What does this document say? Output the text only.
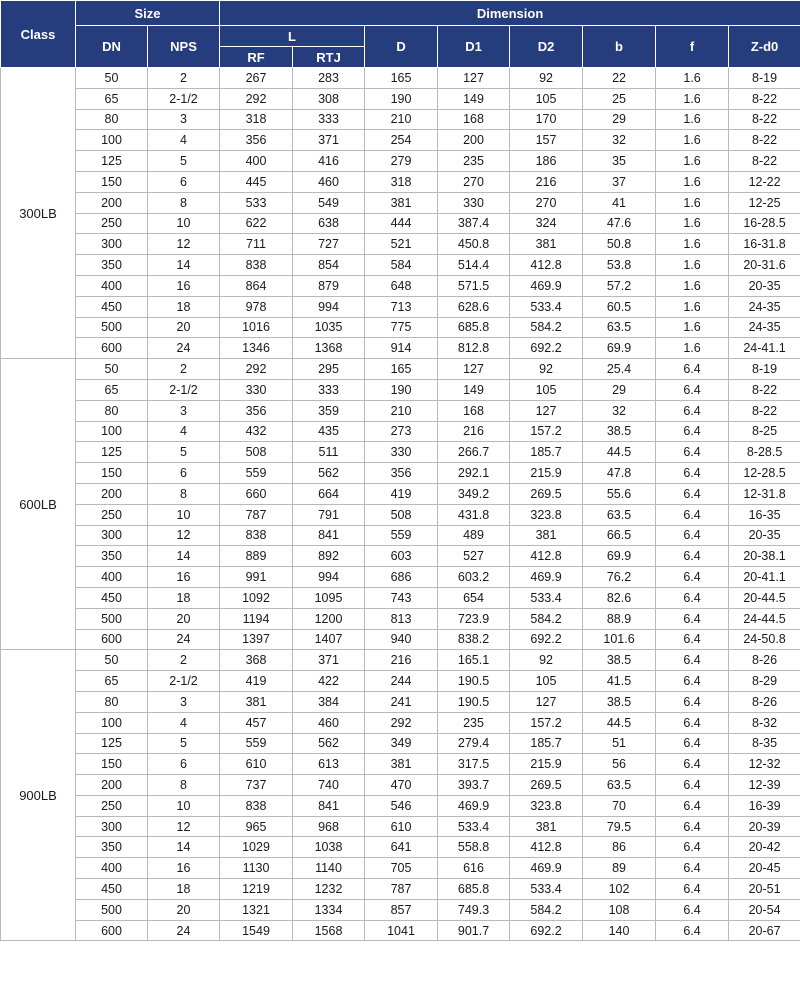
Class	Size		Dimension							
	DN	NPS	L		D	D1	D2	b	f	Z-d0
			RF	RTJ						
300LB	50	2	267	283	165	127	92	22	1.6	8-19
	65	2-1/2	292	308	190	149	105	25	1.6	8-22
	80	3	318	333	210	168	170	29	1.6	8-22
	100	4	356	371	254	200	157	32	1.6	8-22
	125	5	400	416	279	235	186	35	1.6	8-22
	150	6	445	460	318	270	216	37	1.6	12-22
	200	8	533	549	381	330	270	41	1.6	12-25
	250	10	622	638	444	387.4	324	47.6	1.6	16-28.5
	300	12	711	727	521	450.8	381	50.8	1.6	16-31.8
	350	14	838	854	584	514.4	412.8	53.8	1.6	20-31.6
	400	16	864	879	648	571.5	469.9	57.2	1.6	20-35
	450	18	978	994	713	628.6	533.4	60.5	1.6	24-35
	500	20	1016	1035	775	685.8	584.2	63.5	1.6	24-35
	600	24	1346	1368	914	812.8	692.2	69.9	1.6	24-41.1
600LB	50	2	292	295	165	127	92	25.4	6.4	8-19
	65	2-1/2	330	333	190	149	105	29	6.4	8-22
	80	3	356	359	210	168	127	32	6.4	8-22
	100	4	432	435	273	216	157.2	38.5	6.4	8-25
	125	5	508	511	330	266.7	185.7	44.5	6.4	8-28.5
	150	6	559	562	356	292.1	215.9	47.8	6.4	12-28.5
	200	8	660	664	419	349.2	269.5	55.6	6.4	12-31.8
	250	10	787	791	508	431.8	323.8	63.5	6.4	16-35
	300	12	838	841	559	489	381	66.5	6.4	20-35
	350	14	889	892	603	527	412.8	69.9	6.4	20-38.1
	400	16	991	994	686	603.2	469.9	76.2	6.4	20-41.1
	450	18	1092	1095	743	654	533.4	82.6	6.4	20-44.5
	500	20	1194	1200	813	723.9	584.2	88.9	6.4	24-44.5
	600	24	1397	1407	940	838.2	692.2	101.6	6.4	24-50.8
900LB	50	2	368	371	216	165.1	92	38.5	6.4	8-26
	65	2-1/2	419	422	244	190.5	105	41.5	6.4	8-29
	80	3	381	384	241	190.5	127	38.5	6.4	8-26
	100	4	457	460	292	235	157.2	44.5	6.4	8-32
	125	5	559	562	349	279.4	185.7	51	6.4	8-35
	150	6	610	613	381	317.5	215.9	56	6.4	12-32
	200	8	737	740	470	393.7	269.5	63.5	6.4	12-39
	250	10	838	841	546	469.9	323.8	70	6.4	16-39
	300	12	965	968	610	533.4	381	79.5	6.4	20-39
	350	14	1029	1038	641	558.8	412.8	86	6.4	20-42
	400	16	1130	1140	705	616	469.9	89	6.4	20-45
	450	18	1219	1232	787	685.8	533.4	102	6.4	20-51
	500	20	1321	1334	857	749.3	584.2	108	6.4	20-54
	600	24	1549	1568	1041	901.7	692.2	140	6.4	20-67
